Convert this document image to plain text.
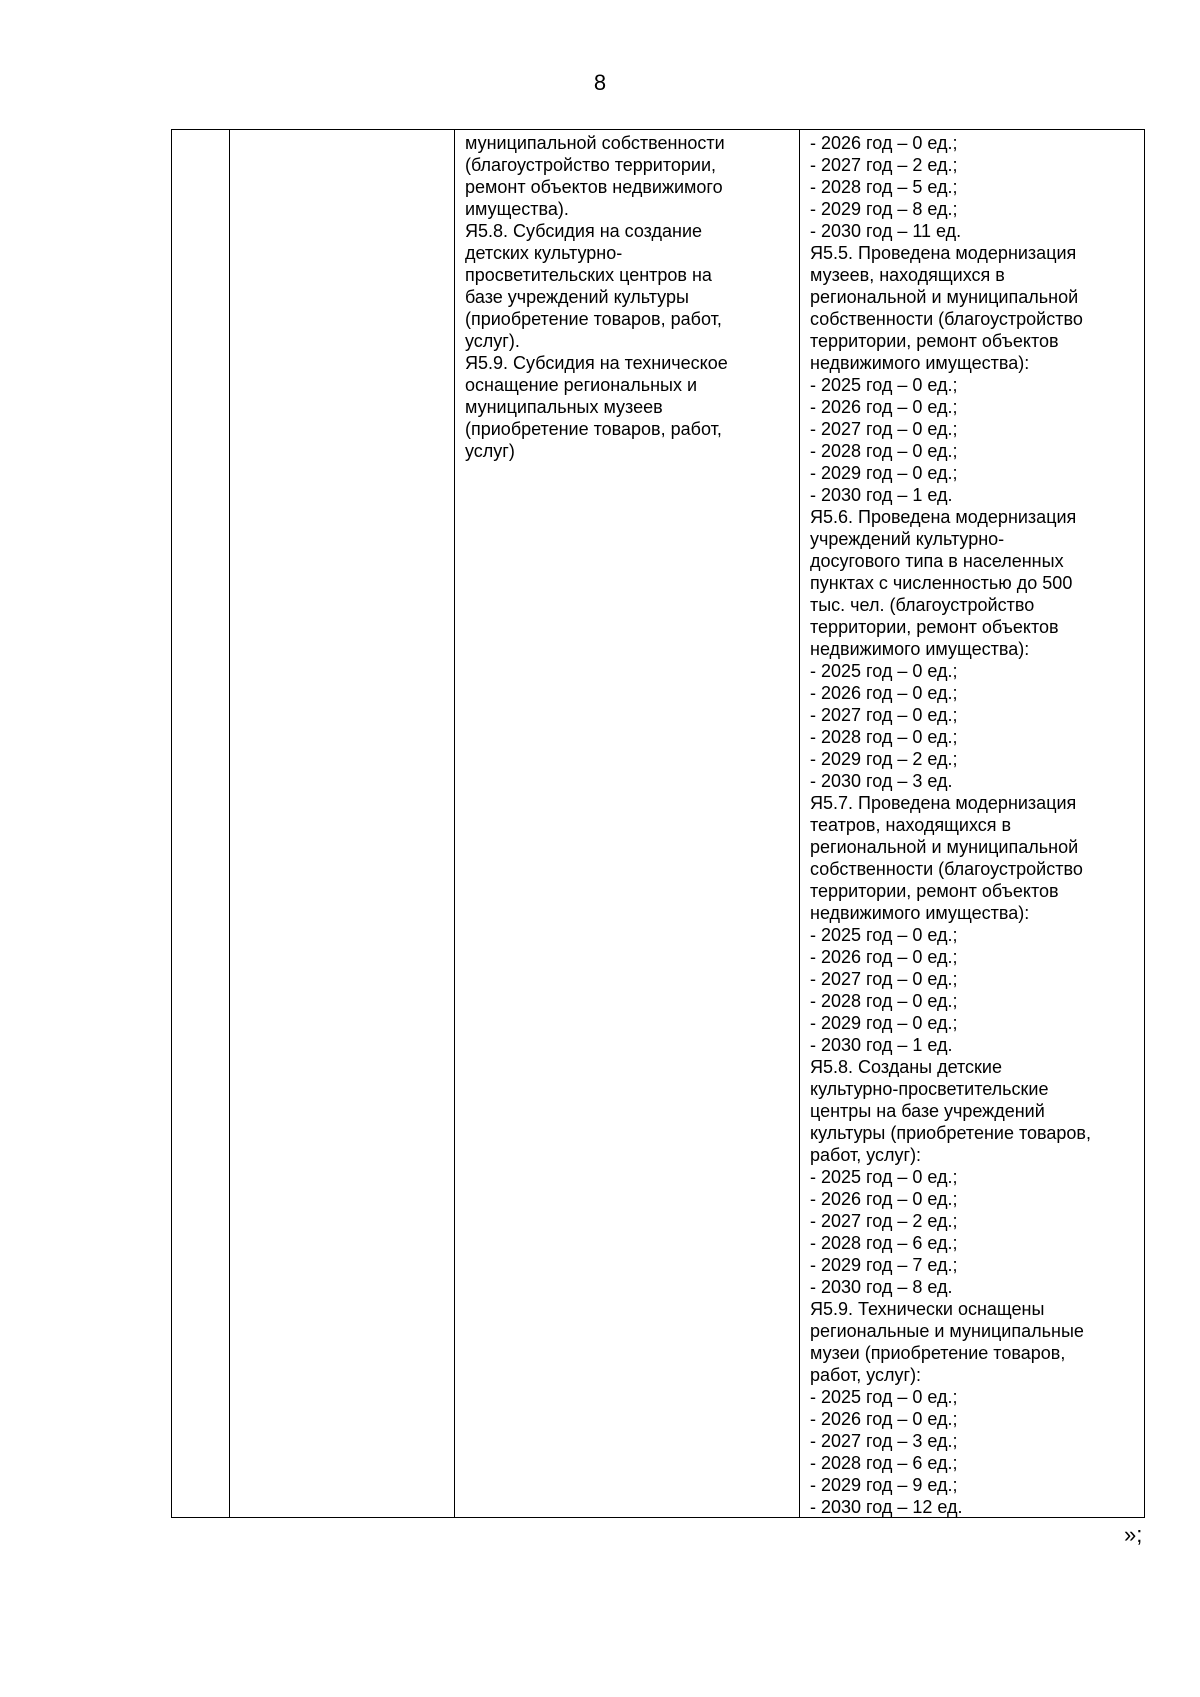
8
муниципальной собственности
(благоустройство территории,
ремонт объектов недвижимого
имущества).
Я5.8. Субсидия на создание
детских культурно-
просветительских центров на
базе учреждений культуры
(приобретение товаров, работ,
услуг).
Я5.9. Субсидия на техническое
оснащение региональных и
муниципальных музеев
(приобретение товаров, работ,
услуг)
- 2026 год – 0 ед.;
- 2027 год – 2 ед.;
- 2028 год – 5 ед.;
- 2029 год – 8 ед.;
- 2030 год – 11 ед.
Я5.5. Проведена модернизация
музеев, находящихся в
региональной и муниципальной
собственности (благоустройство
территории, ремонт объектов
недвижимого имущества):
- 2025 год – 0 ед.;
- 2026 год – 0 ед.;
- 2027 год – 0 ед.;
- 2028 год – 0 ед.;
- 2029 год – 0 ед.;
- 2030 год – 1 ед.
Я5.6. Проведена модернизация
учреждений культурно-
досугового типа в населенных
пунктах с численностью до 500
тыс. чел. (благоустройство
территории, ремонт объектов
недвижимого имущества):
- 2025 год – 0 ед.;
- 2026 год – 0 ед.;
- 2027 год – 0 ед.;
- 2028 год – 0 ед.;
- 2029 год – 2 ед.;
- 2030 год – 3 ед.
Я5.7. Проведена модернизация
театров, находящихся в
региональной и муниципальной
собственности (благоустройство
территории, ремонт объектов
недвижимого имущества):
- 2025 год – 0 ед.;
- 2026 год – 0 ед.;
- 2027 год – 0 ед.;
- 2028 год – 0 ед.;
- 2029 год – 0 ед.;
- 2030 год – 1 ед.
Я5.8. Созданы детские
культурно-просветительские
центры на базе учреждений
культуры (приобретение товаров,
работ, услуг):
- 2025 год – 0 ед.;
- 2026 год – 0 ед.;
- 2027 год – 2 ед.;
- 2028 год – 6 ед.;
- 2029 год – 7 ед.;
- 2030 год – 8 ед.
Я5.9. Технически оснащены
региональные и муниципальные
музеи (приобретение товаров,
работ, услуг):
- 2025 год – 0 ед.;
- 2026 год – 0 ед.;
- 2027 год – 3 ед.;
- 2028 год – 6 ед.;
- 2029 год – 9 ед.;
- 2030 год – 12 ед.
»;
